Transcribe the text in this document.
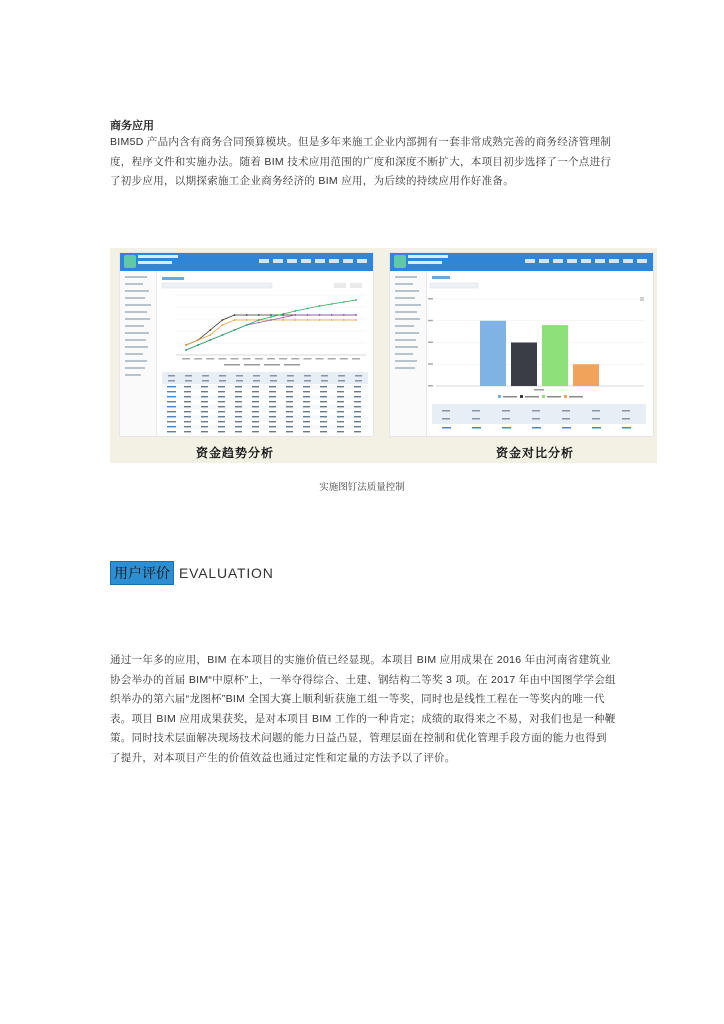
商务应用
BIM5D 产品内含有商务合同预算模块。但是多年来施工企业内部拥有一套非常成熟完善的商务经济管理制度，程序文件和实施办法。随着 BIM 技术应用范围的广度和深度不断扩大，本项目初步选择了一个点进行了初步应用，以期探索施工企业商务经济的 BIM 应用，为后续的持续应用作好准备。
资金趋势分析	资金对比分析
实施图钉法质量控制
用户评价 EVALUATION
通过一年多的应用，BIM 在本项目的实施价值已经显现。本项目 BIM 应用成果在 2016 年由河南省建筑业协会举办的首届 BIM“中原杯”上，一举夺得综合、土建、钢结构二等奖 3 项。在 2017 年由中国图学学会组织举办的第六届“龙图杯”BIM 全国大赛上顺利斩获施工组一等奖，同时也是线性工程在一等奖内的唯一代表。项目 BIM 应用成果获奖，是对本项目 BIM 工作的一种肯定；成绩的取得来之不易，对我们也是一种鞭策。同时技术层面解决现场技术问题的能力日益凸显，管理层面在控制和优化管理手段方面的能力也得到了提升，对本项目产生的价值效益也通过定性和定量的方法予以了评价。
